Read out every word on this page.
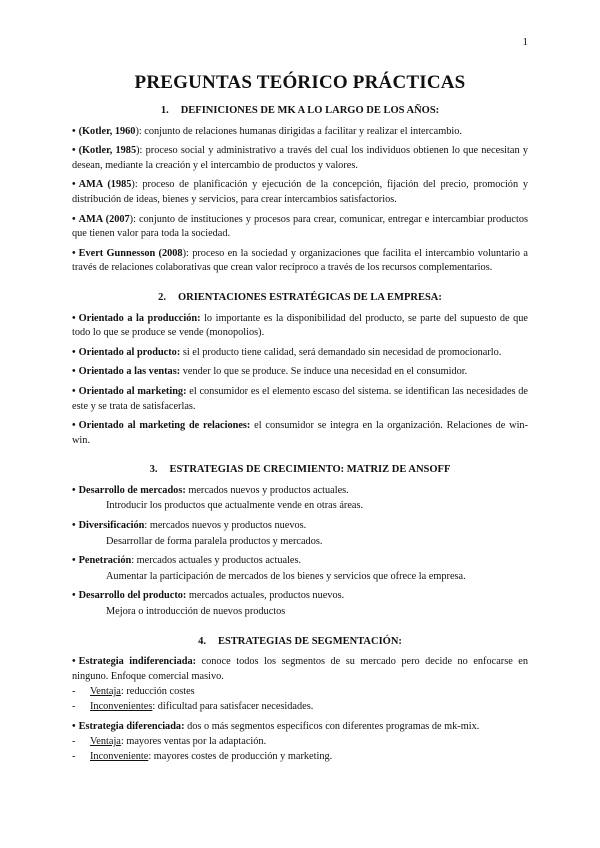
1
PREGUNTAS TEÓRICO PRÁCTICAS
1. DEFINICIONES DE MK A LO LARGO DE LOS AÑOS:
• (Kotler, 1960): conjunto de relaciones humanas dirigidas a facilitar y realizar el intercambio.
• (Kotler, 1985): proceso social y administrativo a través del cual los individuos obtienen lo que necesitan y desean, mediante la creación y el intercambio de productos y valores.
• AMA (1985): proceso de planificación y ejecución de la concepción, fijación del precio, promoción y distribución de ideas, bienes y servicios, para crear intercambios satisfactorios.
• AMA (2007): conjunto de instituciones y procesos para crear, comunicar, entregar e intercambiar productos que tienen valor para toda la sociedad.
• Evert Gunnesson (2008): proceso en la sociedad y organizaciones que facilita el intercambio voluntario a través de relaciones colaborativas que crean valor recíproco a través de los recursos complementarios.
2. ORIENTACIONES ESTRATÉGICAS DE LA EMPRESA:
• Orientado a la producción: lo importante es la disponibilidad del producto, se parte del supuesto de que todo lo que se produce se vende (monopolios).
• Orientado al producto: si el producto tiene calidad, será demandado sin necesidad de promocionarlo.
• Orientado a las ventas: vender lo que se produce. Se induce una necesidad en el consumidor.
• Orientado al marketing: el consumidor es el elemento escaso del sistema. se identifican las necesidades de este y se trata de satisfacerlas.
• Orientado al marketing de relaciones: el consumidor se integra en la organización. Relaciones de win-win.
3. ESTRATEGIAS DE CRECIMIENTO: MATRIZ DE ANSOFF
• Desarrollo de mercados: mercados nuevos y productos actuales.
Introducir los productos que actualmente vende en otras áreas.
• Diversificación: mercados nuevos y productos nuevos.
Desarrollar de forma paralela productos y mercados.
• Penetración: mercados actuales y productos actuales.
Aumentar la participación de mercados de los bienes y servicios que ofrece la empresa.
• Desarrollo del producto: mercados actuales, productos nuevos.
Mejora o introducción de nuevos productos
4. ESTRATEGIAS DE SEGMENTACIÓN:
• Estrategia indiferenciada: conoce todos los segmentos de su mercado pero decide no enfocarse en ninguno. Enfoque comercial masivo.
- Ventaja: reducción costes
- Inconvenientes: dificultad para satisfacer necesidades.
• Estrategia diferenciada: dos o más segmentos específicos con diferentes programas de mk-mix.
- Ventaja: mayores ventas por la adaptación.
- Inconveniente: mayores costes de producción y marketing.
